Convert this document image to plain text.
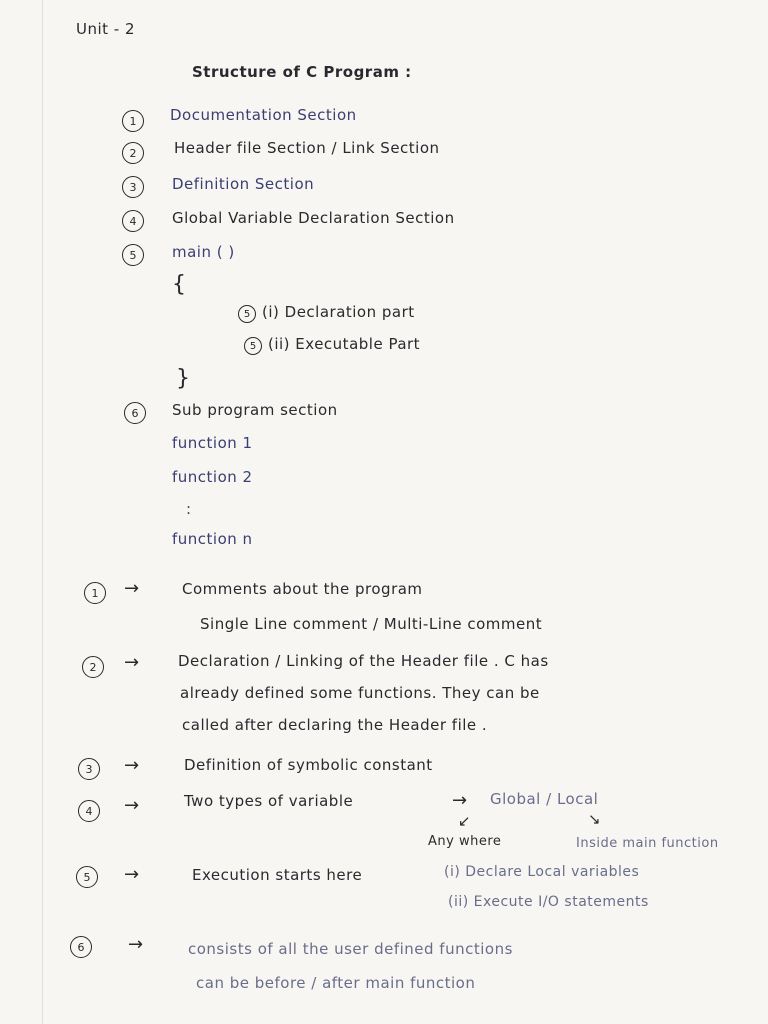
Unit - 2
Structure of C Program :
1	Documentation Section
2	Header file Section / Link Section
3	Definition Section
4	Global Variable Declaration Section
5	main ( )
{
5 (i) Declaration part
5 (ii) Executable Part
}
6	Sub program section
function 1
function 2
:
function n
1	→	Comments about the program
Single Line comment / Multi-Line comment
2	→	Declaration / Linking of the Header file . C has
already defined some functions. They can be
called after declaring the Header file .
3	→	Definition of symbolic constant
4	→	Two types of variable	→ Global / Local
↙	↘
Any where	Inside main function
5	→	Execution starts here	(i) Declare Local variables
(ii) Execute I/O statements
6	→	consists of all the user defined functions
can be before / after main function
